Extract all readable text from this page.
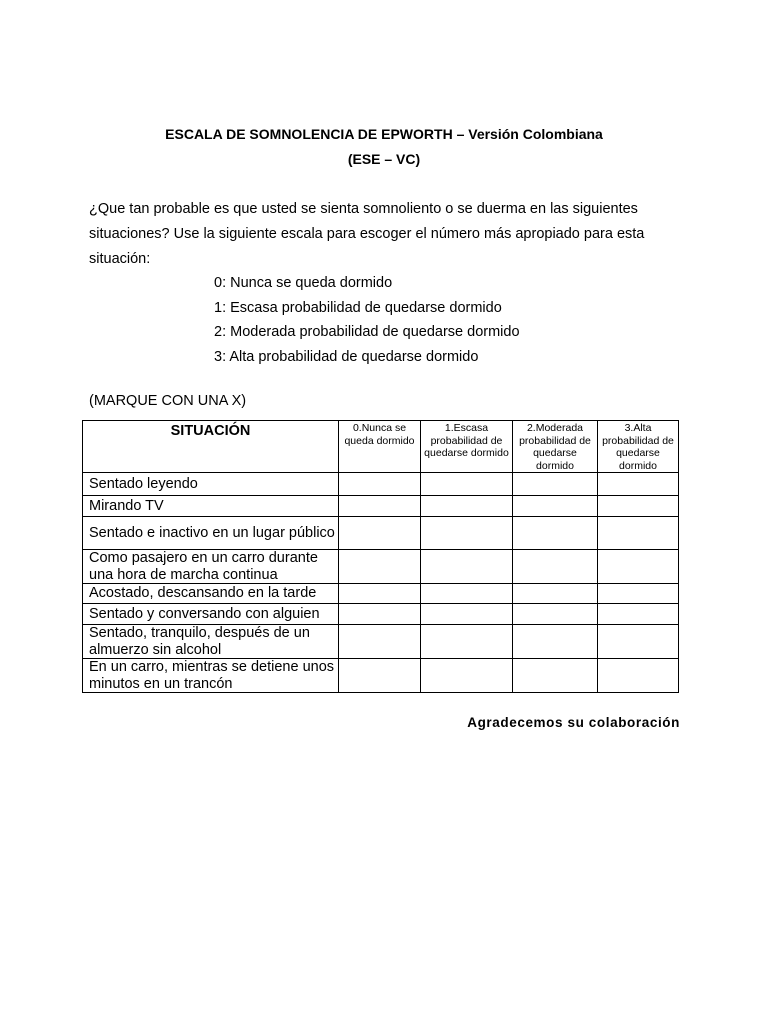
ESCALA DE SOMNOLENCIA DE EPWORTH – Versión Colombiana
(ESE – VC)

¿Que tan probable es que usted se sienta somnoliento o se duerma en las siguientes situaciones? Use la siguiente escala para escoger el número más apropiado para esta situación:

0: Nunca se queda dormido
1: Escasa probabilidad de quedarse dormido
2: Moderada probabilidad de quedarse dormido
3: Alta probabilidad de quedarse dormido

(MARQUE CON UNA X)

SITUACIÓN	0.Nunca se queda dormido	1.Escasa probabilidad de quedarse dormido	2.Moderada probabilidad de quedarse dormido	3.Alta probabilidad de quedarse dormido
Sentado leyendo				
Mirando TV				
Sentado e inactivo en un lugar público				
Como pasajero en un carro durante una hora de marcha continua				
Acostado, descansando en la tarde				
Sentado y conversando con alguien				
Sentado, tranquilo, después de un almuerzo sin alcohol				
En un carro, mientras se detiene unos minutos en un trancón				

Agradecemos su colaboración
